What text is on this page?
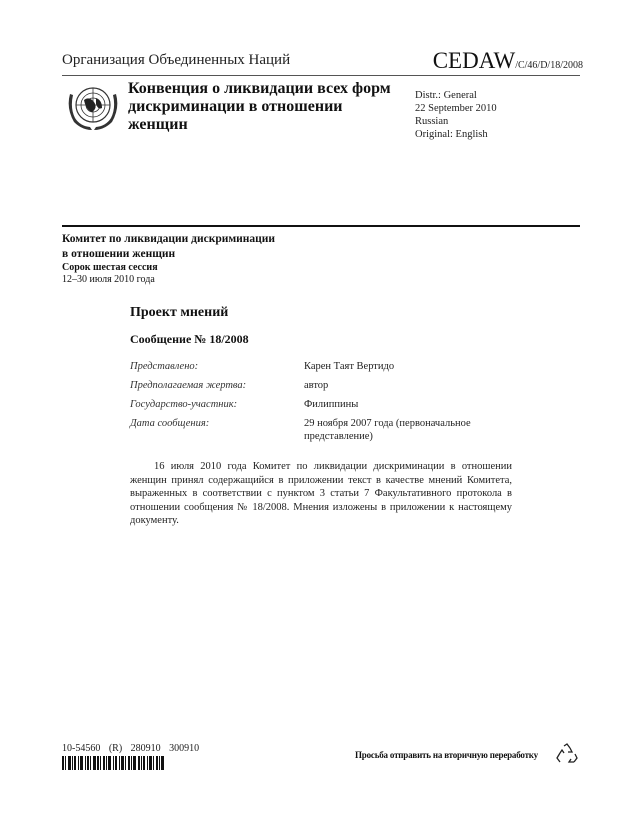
Организация Объединенных Наций	CEDAW/C/46/D/18/2008
Конвенция о ликвидации всех форм дискриминации в отношении женщин
Distr.: General
22 September 2010
Russian
Original: English
Комитет по ликвидации дискриминации
в отношении женщин
Сорок шестая сессия
12–30 июля 2010 года
Проект мнений
Сообщение № 18/2008
Представлено:	Карен Таят Вертидо
Предполагаемая жертва:	автор
Государство-участник:	Филиппины
Дата сообщения:	29 ноября 2007 года (первоначальное представление)
16 июля 2010 года Комитет по ликвидации дискриминации в отношении женщин принял содержащийся в приложении текст в качестве мнений Комитета, выраженных в соответствии с пунктом 3 статьи 7 Факультативного протокола в отношении сообщения № 18/2008. Мнения изложены в приложении к настоящему документу.
10-54560 (R) 280910 300910
Просьба отправить на вторичную переработку
